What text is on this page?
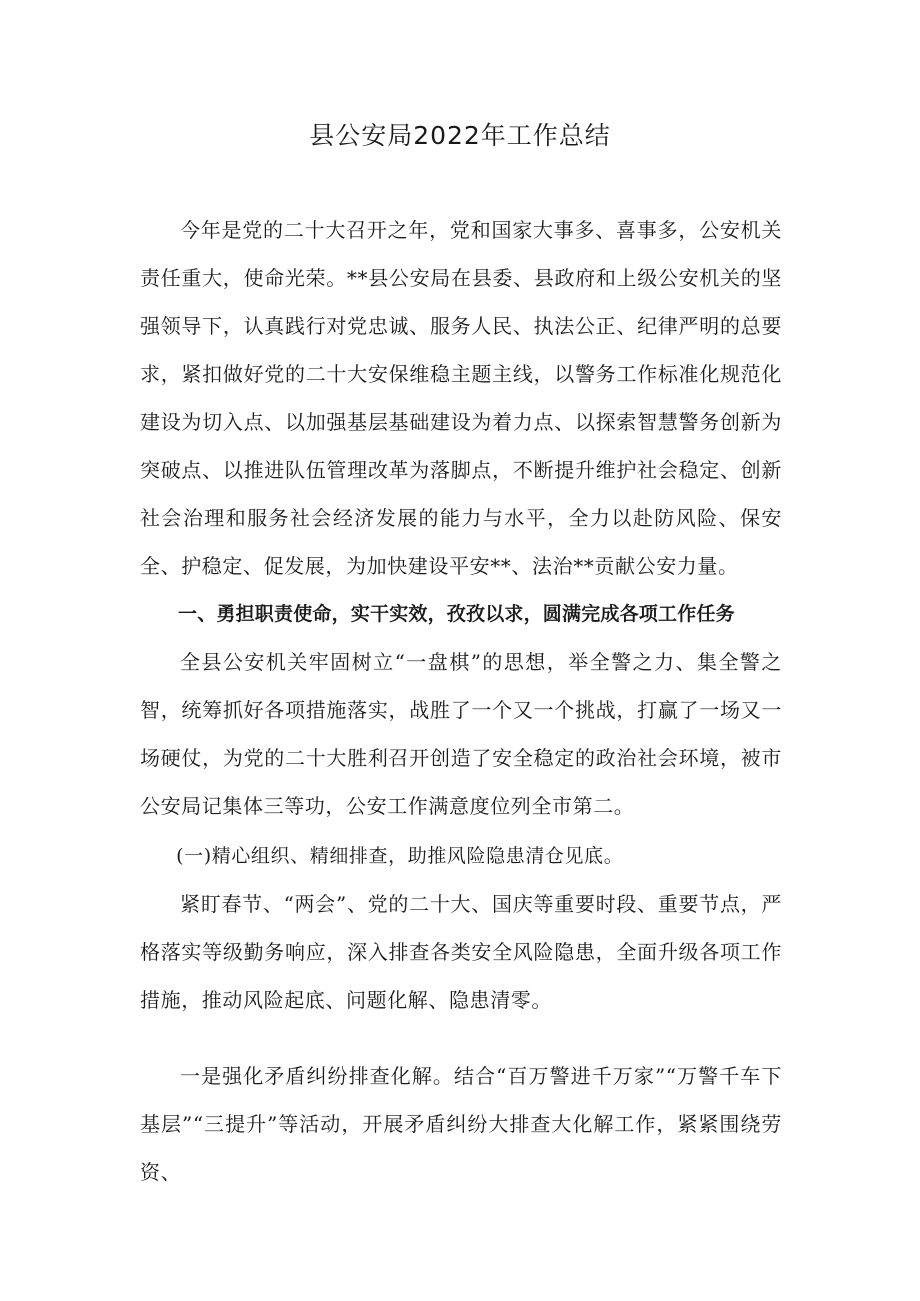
县公安局2022年工作总结

今年是党的二十大召开之年，党和国家大事多、喜事多，公安机关责任重大，使命光荣。**县公安局在县委、县政府和上级公安机关的坚强领导下，认真践行对党忠诚、服务人民、执法公正、纪律严明的总要求，紧扣做好党的二十大安保维稳主题主线，以警务工作标准化规范化建设为切入点、以加强基层基础建设为着力点、以探索智慧警务创新为突破点、以推进队伍管理改革为落脚点，不断提升维护社会稳定、创新社会治理和服务社会经济发展的能力与水平，全力以赴防风险、保安全、护稳定、促发展，为加快建设平安**、法治**贡献公安力量。

一、勇担职责使命，实干实效，孜孜以求，圆满完成各项工作任务

全县公安机关牢固树立“一盘棋”的思想，举全警之力、集全警之智，统筹抓好各项措施落实，战胜了一个又一个挑战，打赢了一场又一场硬仗，为党的二十大胜利召开创造了安全稳定的政治社会环境，被市公安局记集体三等功，公安工作满意度位列全市第二。

(一)精心组织、精细排查，助推风险隐患清仓见底。

紧盯春节、“两会”、党的二十大、国庆等重要时段、重要节点，严格落实等级勤务响应，深入排查各类安全风险隐患，全面升级各项工作措施，推动风险起底、问题化解、隐患清零。

一是强化矛盾纠纷排查化解。结合“百万警进千万家”“万警千车下基层”“三提升”等活动，开展矛盾纠纷大排查大化解工作，紧紧围绕劳资、
